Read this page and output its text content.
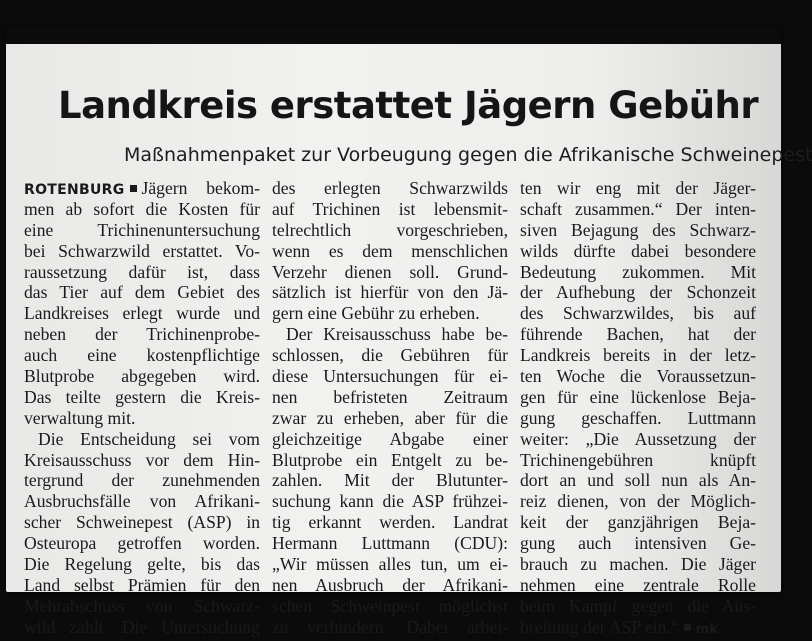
Landkreis erstattet Jägern Gebühr
Maßnahmenpaket zur Vorbeugung gegen die Afrikanische Schweinepest
ROTENBURG Jägern bekom-
men ab sofort die Kosten für
eine Trichinenuntersuchung
bei Schwarzwild erstattet. Vo-
raussetzung dafür ist, dass
das Tier auf dem Gebiet des
Landkreises erlegt wurde und
neben der Trichinenprobe-
auch eine kostenpflichtige
Blutprobe abgegeben wird.
Das teilte gestern die Kreis-
verwaltung mit.
Die Entscheidung sei vom
Kreisausschuss vor dem Hin-
tergrund der zunehmenden
Ausbruchsfälle von Afrikani-
scher Schweinepest (ASP) in
Osteuropa getroffen worden.
Die Regelung gelte, bis das
Land selbst Prämien für den
Mehrabschuss von Schwarz-
wild zahlt. Die Untersuchung
des erlegten Schwarzwilds
auf Trichinen ist lebensmit-
telrechtlich vorgeschrieben,
wenn es dem menschlichen
Verzehr dienen soll. Grund-
sätzlich ist hierfür von den Jä-
gern eine Gebühr zu erheben.
Der Kreisausschuss habe be-
schlossen, die Gebühren für
diese Untersuchungen für ei-
nen befristeten Zeitraum
zwar zu erheben, aber für die
gleichzeitige Abgabe einer
Blutprobe ein Entgelt zu be-
zahlen. Mit der Blutunter-
suchung kann die ASP frühzei-
tig erkannt werden. Landrat
Hermann Luttmann (CDU):
„Wir müssen alles tun, um ei-
nen Ausbruch der Afrikani-
schen Schweinpest möglichst
zu verhindern. Dabei arbei-
ten wir eng mit der Jäger-
schaft zusammen.“ Der inten-
siven Bejagung des Schwarz-
wilds dürfte dabei besondere
Bedeutung zukommen. Mit
der Aufhebung der Schonzeit
des Schwarzwildes, bis auf
führende Bachen, hat der
Landkreis bereits in der letz-
ten Woche die Voraussetzun-
gen für eine lückenlose Beja-
gung geschaffen. Luttmann
weiter: „Die Aussetzung der
Trichinengebühren knüpft
dort an und soll nun als An-
reiz dienen, von der Möglich-
keit der ganzjährigen Beja-
gung auch intensiven Ge-
brauch zu machen. Die Jäger
nehmen eine zentrale Rolle
beim Kampf gegen die Aus-
breitung der ASP ein.“ mk
